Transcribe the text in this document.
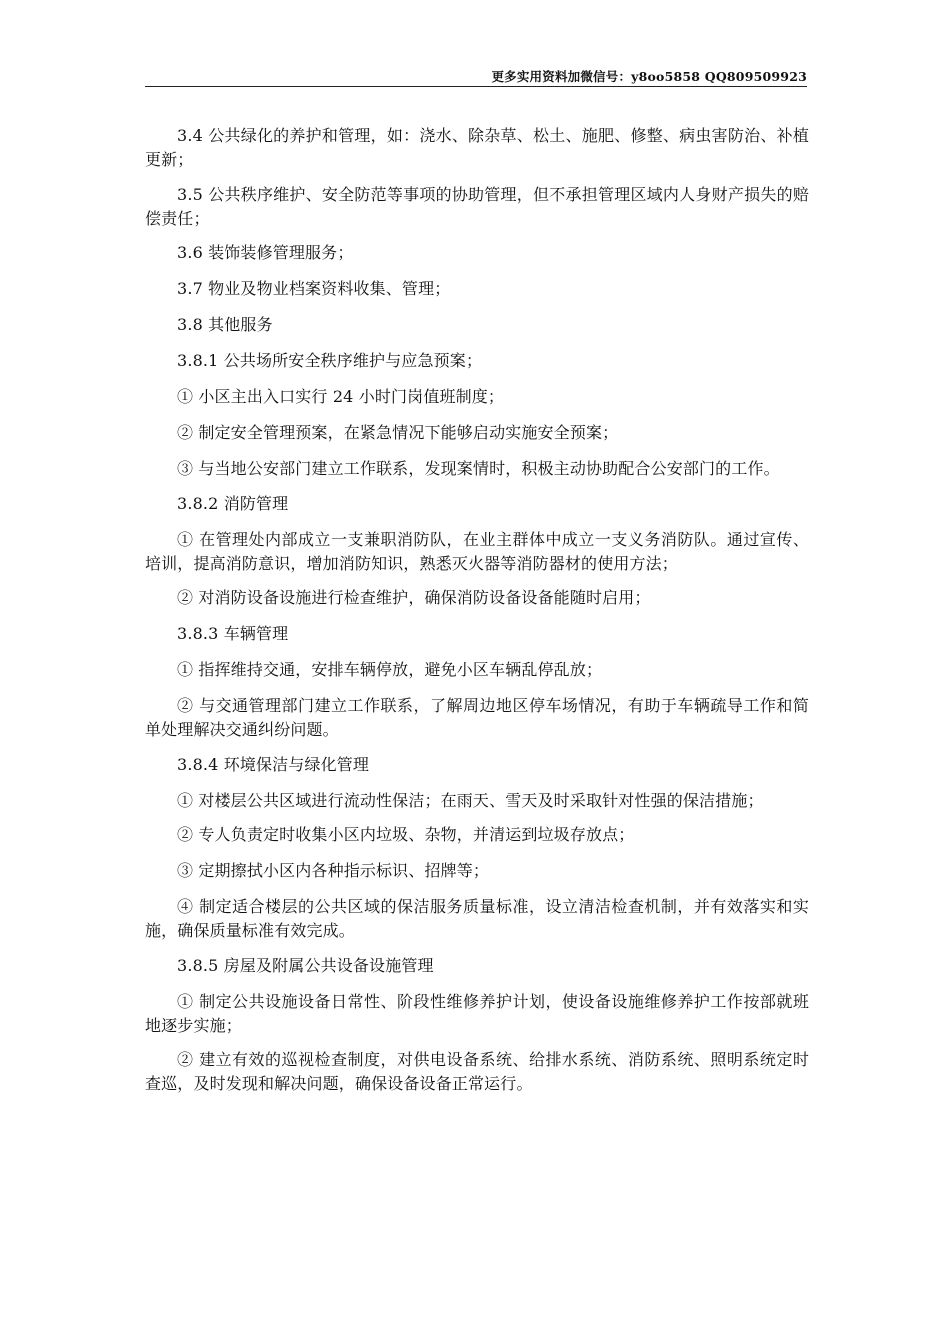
更多实用资料加微信号：y8oo5858 QQ809509923

3.4 公共绿化的养护和管理，如：浇水、除杂草、松土、施肥、修整、病虫害防治、补植更新；

3.5 公共秩序维护、安全防范等事项的协助管理，但不承担管理区域内人身财产损失的赔偿责任；

3.6 装饰装修管理服务；

3.7 物业及物业档案资料收集、管理；

3.8 其他服务

3.8.1 公共场所安全秩序维护与应急预案；

① 小区主出入口实行 24 小时门岗值班制度；

② 制定安全管理预案，在紧急情况下能够启动实施安全预案；

③ 与当地公安部门建立工作联系，发现案情时，积极主动协助配合公安部门的工作。

3.8.2 消防管理

① 在管理处内部成立一支兼职消防队，在业主群体中成立一支义务消防队。通过宣传、培训，提高消防意识，增加消防知识，熟悉灭火器等消防器材的使用方法；

② 对消防设备设施进行检查维护，确保消防设备设备能随时启用；

3.8.3 车辆管理

① 指挥维持交通，安排车辆停放，避免小区车辆乱停乱放；

② 与交通管理部门建立工作联系，了解周边地区停车场情况，有助于车辆疏导工作和简单处理解决交通纠纷问题。

3.8.4 环境保洁与绿化管理

① 对楼层公共区域进行流动性保洁；在雨天、雪天及时采取针对性强的保洁措施；

② 专人负责定时收集小区内垃圾、杂物，并清运到垃圾存放点；

③ 定期擦拭小区内各种指示标识、招牌等；

④ 制定适合楼层的公共区域的保洁服务质量标准，设立清洁检查机制，并有效落实和实施，确保质量标准有效完成。

3.8.5 房屋及附属公共设备设施管理

① 制定公共设施设备日常性、阶段性维修养护计划，使设备设施维修养护工作按部就班地逐步实施；

② 建立有效的巡视检查制度，对供电设备系统、给排水系统、消防系统、照明系统定时查巡，及时发现和解决问题，确保设备设备正常运行。
